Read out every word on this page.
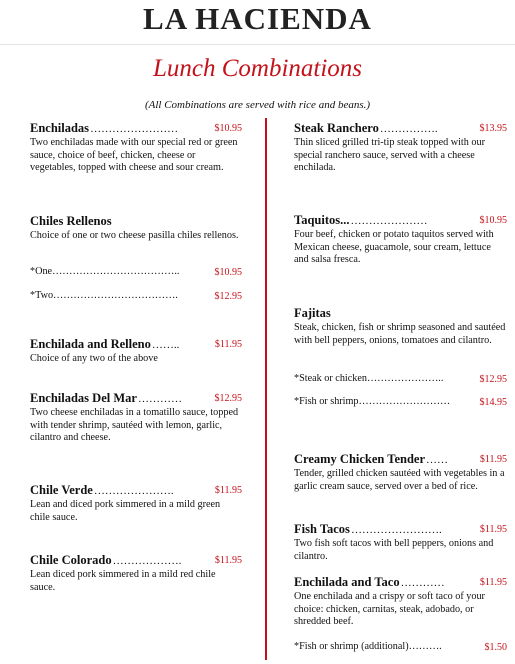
LA HACIENDA
Lunch Combinations
(All Combinations are served with rice and beans.)
Enchiladas ……………………	$10.95
Two enchiladas made with our special red or green sauce, choice of beef, chicken, cheese or vegetables, topped with cheese and sour cream.
Chiles Rellenos
Choice of one or two cheese pasilla chiles rellenos.
*One………………………………..	$10.95
*Two……………………………….	$12.95
Enchilada and Relleno ……..	$11.95
Choice of any two of the above
Enchiladas Del Mar …………	$12.95
Two cheese enchiladas in a tomatillo sauce, topped with tender shrimp, sautéed with lemon, garlic, cilantro and cheese.
Chile Verde ………………….	$11.95
Lean and diced pork simmered in a mild green chile sauce.
Chile Colorado ……………….	$11.95
Lean diced pork simmered in a mild red chile sauce.
Steak Ranchero …………….	$13.95
Thin sliced grilled tri-tip steak topped with our special ranchero sauce, served with a cheese enchilada.
Taquitos... …………………	$10.95
Four beef, chicken or potato taquitos served with Mexican cheese, guacamole, sour cream, lettuce and salsa fresca.
Fajitas
Steak, chicken, fish or shrimp seasoned and sautéed with bell peppers, onions, tomatoes and cilantro.
*Steak or chicken…………………..	$12.95
*Fish or shrimp………………………	$14.95
Creamy Chicken Tender ……	$11.95
Tender, grilled chicken sautéed with vegetables in a garlic cream sauce, served over a bed of rice.
Fish Tacos …………………….	$11.95
Two fish soft tacos with bell peppers, onions and cilantro.
Enchilada and Taco …………	$11.95
One enchilada and a crispy or soft taco of your choice: chicken, carnitas, steak, adobado, or shredded beef.
*Fish or shrimp (additional)……….	$1.50
